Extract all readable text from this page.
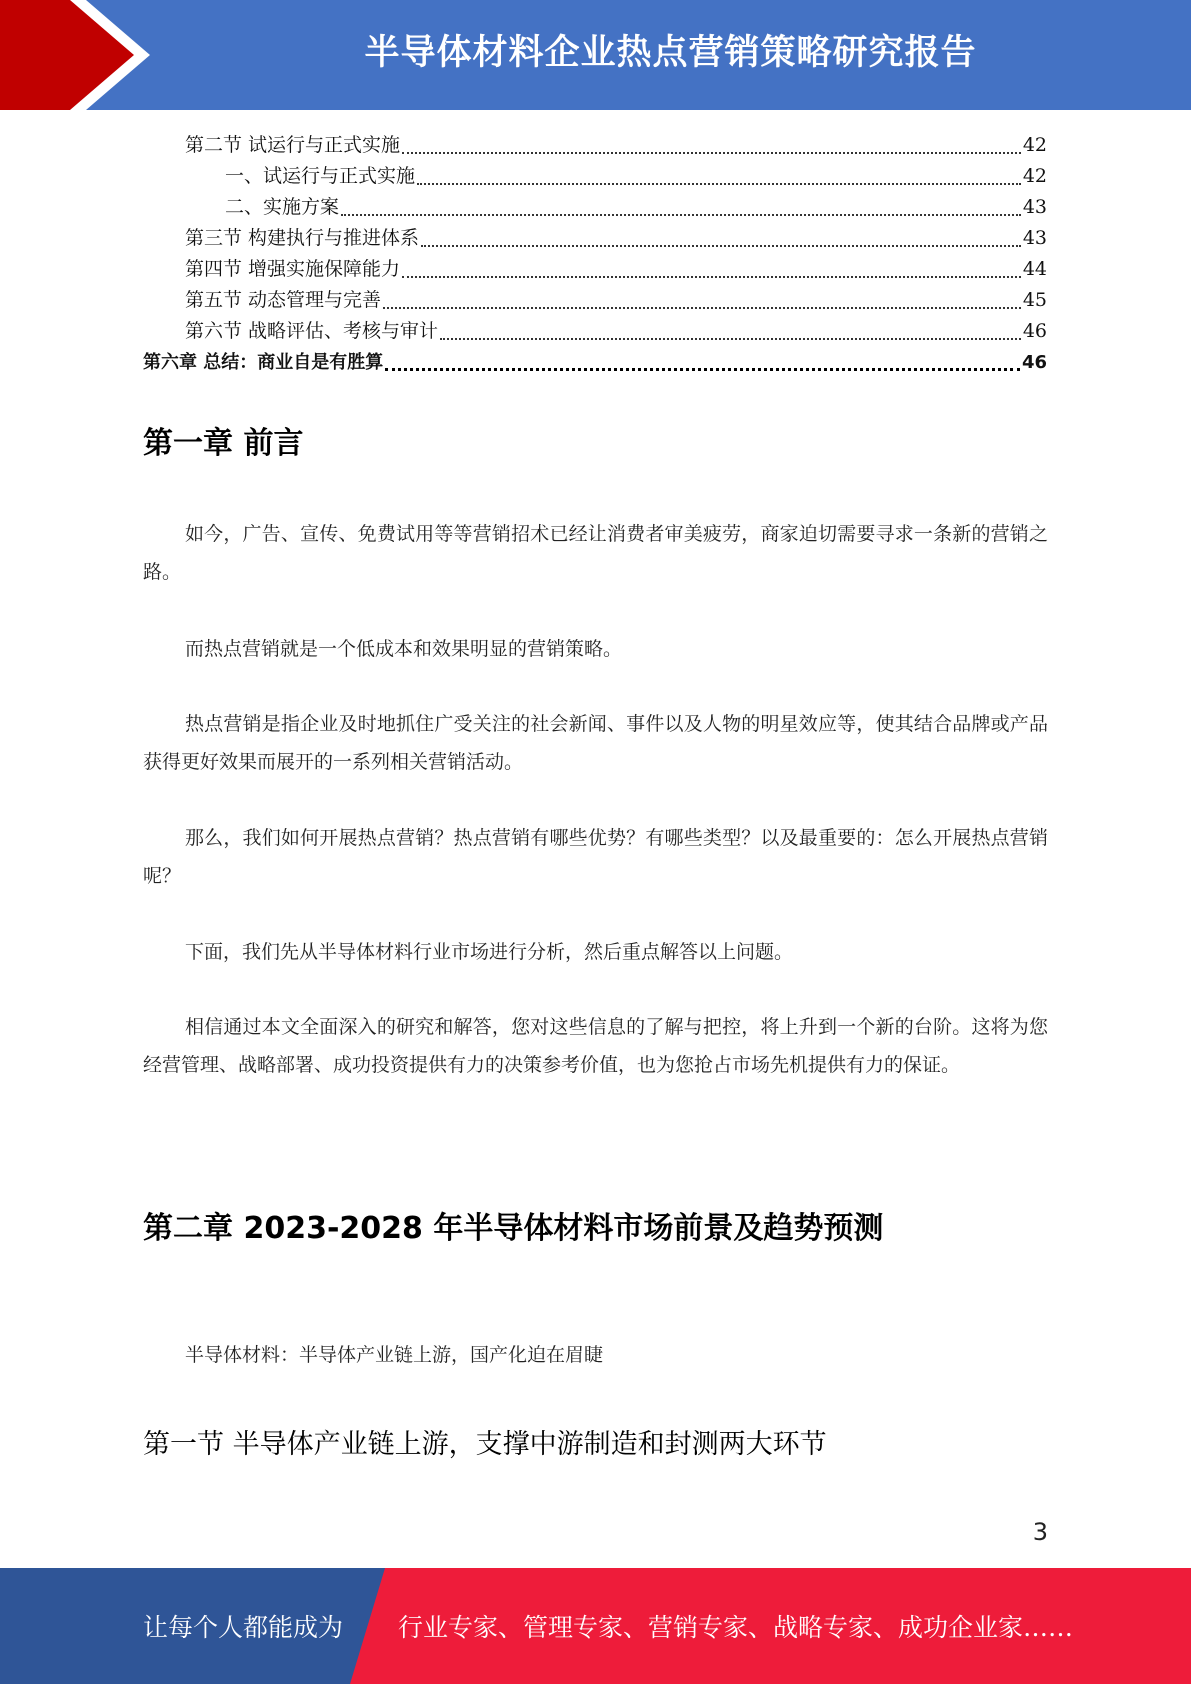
半导体材料企业热点营销策略研究报告
第二节 试运行与正式实施	42
一、试运行与正式实施	42
二、实施方案	43
第三节 构建执行与推进体系	43
第四节 增强实施保障能力	44
第五节 动态管理与完善	45
第六节 战略评估、考核与审计	46
第六章 总结：商业自是有胜算	46
第一章 前言
如今，广告、宣传、免费试用等等营销招术已经让消费者审美疲劳，商家迫切需要寻求一条新的营销之路。
而热点营销就是一个低成本和效果明显的营销策略。
热点营销是指企业及时地抓住广受关注的社会新闻、事件以及人物的明星效应等，使其结合品牌或产品获得更好效果而展开的一系列相关营销活动。
那么，我们如何开展热点营销？热点营销有哪些优势？有哪些类型？以及最重要的：怎么开展热点营销呢？
下面，我们先从半导体材料行业市场进行分析，然后重点解答以上问题。
相信通过本文全面深入的研究和解答，您对这些信息的了解与把控，将上升到一个新的台阶。这将为您经营管理、战略部署、成功投资提供有力的决策参考价值，也为您抢占市场先机提供有力的保证。
第二章 2023-2028 年半导体材料市场前景及趋势预测
半导体材料：半导体产业链上游，国产化迫在眉睫
第一节 半导体产业链上游，支撑中游制造和封测两大环节
3
让每个人都能成为 行业专家、管理专家、营销专家、战略专家、成功企业家……
